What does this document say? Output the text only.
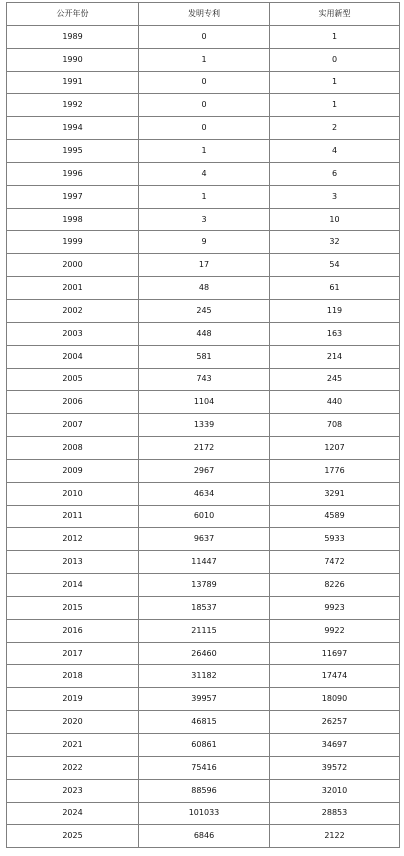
公开年份	发明专利	实用新型
1989	0	1
1990	1	0
1991	0	1
1992	0	1
1994	0	2
1995	1	4
1996	4	6
1997	1	3
1998	3	10
1999	9	32
2000	17	54
2001	48	61
2002	245	119
2003	448	163
2004	581	214
2005	743	245
2006	1104	440
2007	1339	708
2008	2172	1207
2009	2967	1776
2010	4634	3291
2011	6010	4589
2012	9637	5933
2013	11447	7472
2014	13789	8226
2015	18537	9923
2016	21115	9922
2017	26460	11697
2018	31182	17474
2019	39957	18090
2020	46815	26257
2021	60861	34697
2022	75416	39572
2023	88596	32010
2024	101033	28853
2025	6846	2122
